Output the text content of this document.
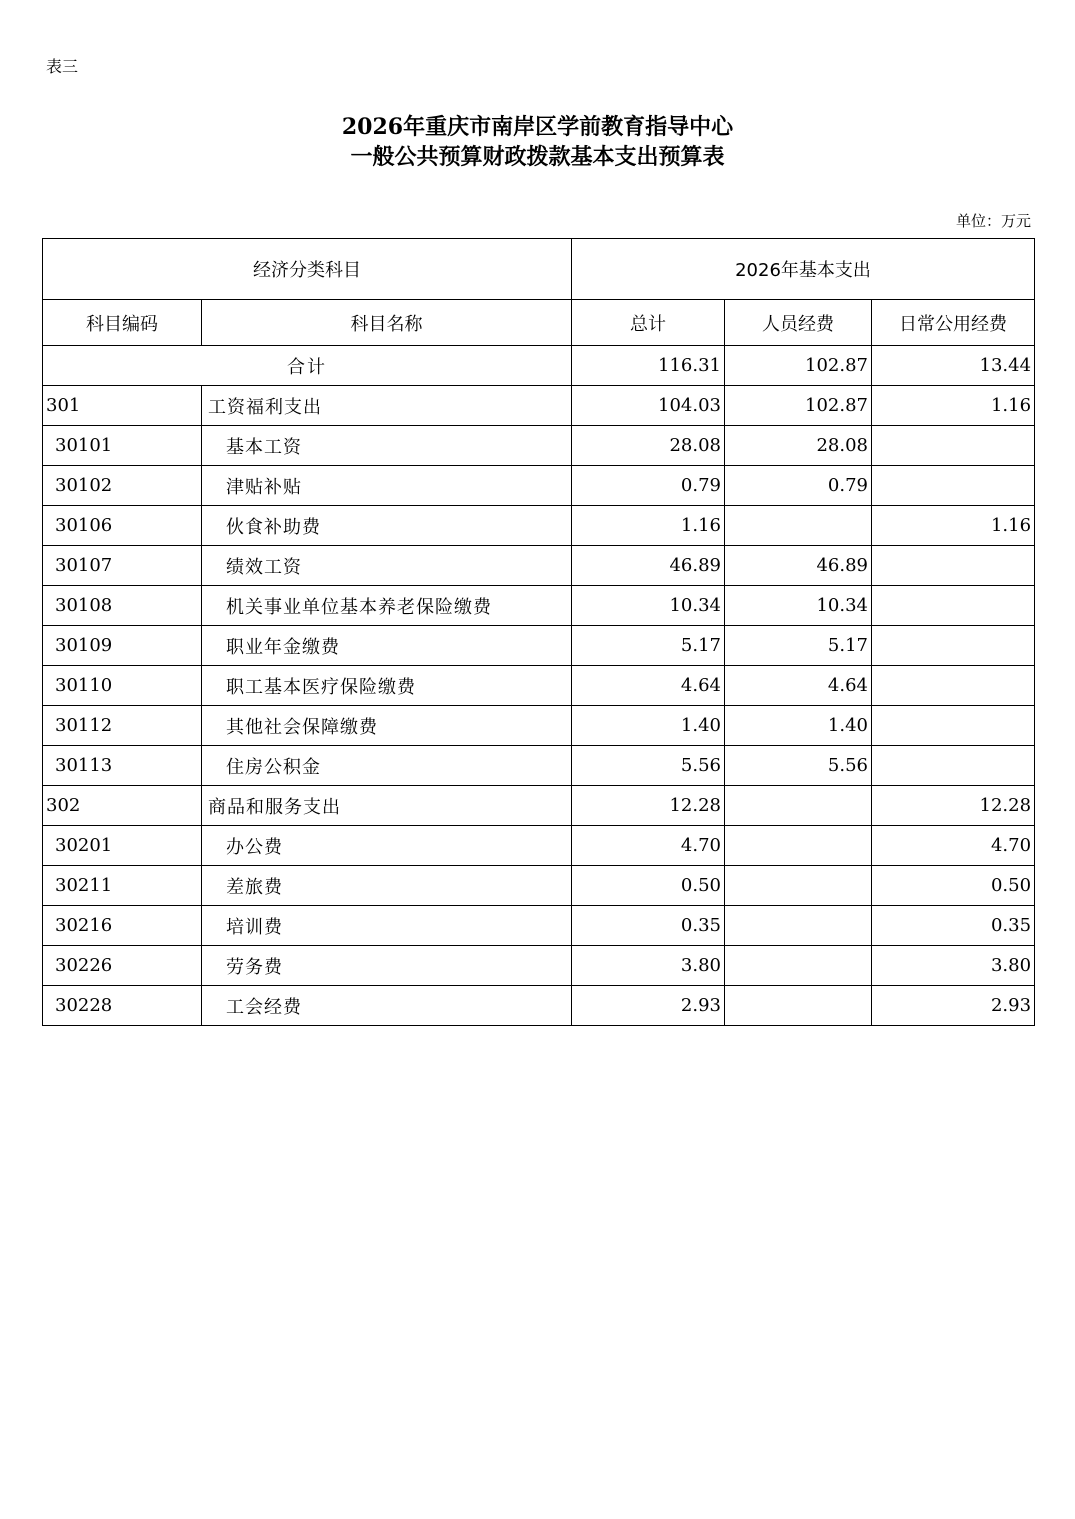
表三
2026年重庆市南岸区学前教育指导中心
一般公共预算财政拨款基本支出预算表
单位：万元
经济分类科目		2026年基本支出		
科目编码	科目名称	总计	人员经费	日常公用经费
合计		116.31	102.87	13.44
301	工资福利支出	104.03	102.87	1.16
30101	基本工资	28.08	28.08	
30102	津贴补贴	0.79	0.79	
30106	伙食补助费	1.16		1.16
30107	绩效工资	46.89	46.89	
30108	机关事业单位基本养老保险缴费	10.34	10.34	
30109	职业年金缴费	5.17	5.17	
30110	职工基本医疗保险缴费	4.64	4.64	
30112	其他社会保障缴费	1.40	1.40	
30113	住房公积金	5.56	5.56	
302	商品和服务支出	12.28		12.28
30201	办公费	4.70		4.70
30211	差旅费	0.50		0.50
30216	培训费	0.35		0.35
30226	劳务费	3.80		3.80
30228	工会经费	2.93		2.93
